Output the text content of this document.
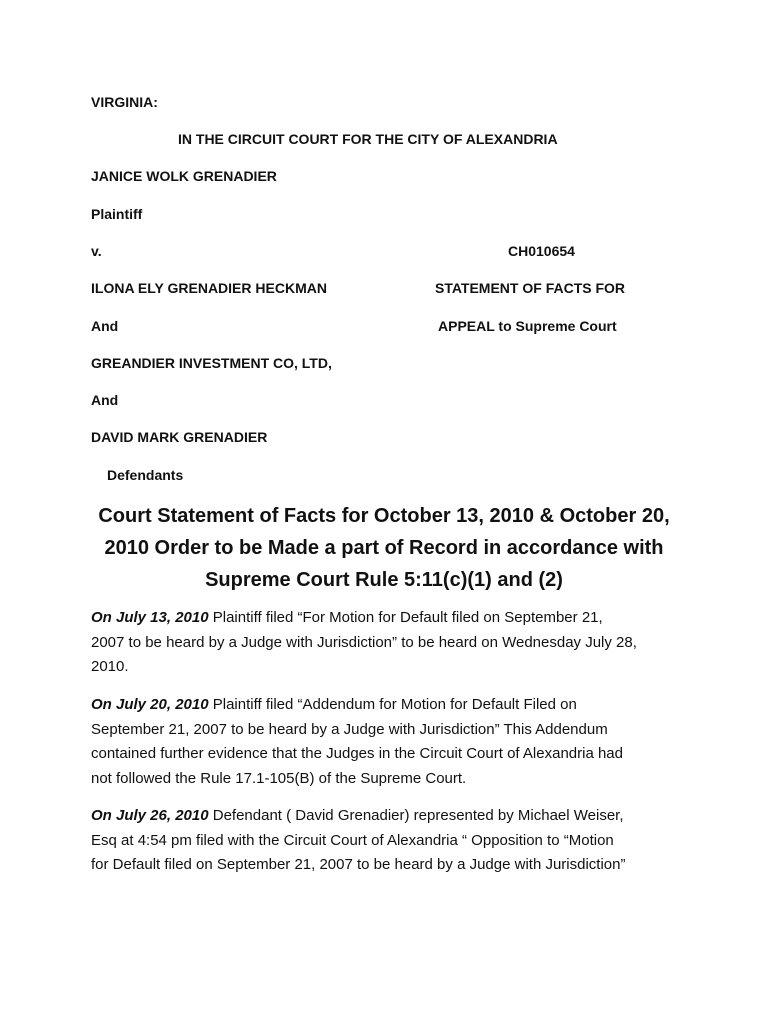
VIRGINIA:
IN THE CIRCUIT COURT FOR THE CITY OF ALEXANDRIA
JANICE WOLK GRENADIER
Plaintiff
v.	CH010654
ILONA ELY GRENADIER HECKMAN	STATEMENT OF FACTS FOR
And	APPEAL to Supreme Court
GREANDIER INVESTMENT CO, LTD,
And
DAVID MARK GRENADIER
Defendants
Court Statement of Facts for October 13, 2010 & October 20,
2010 Order to be Made a part of Record in accordance with
Supreme Court Rule 5:11(c)(1) and (2)
On July 13, 2010 Plaintiff filed “For Motion for Default filed on September 21,
2007 to be heard by a Judge with Jurisdiction” to be heard on Wednesday July 28,
2010.
On July 20, 2010 Plaintiff filed “Addendum for Motion for Default Filed on
September 21, 2007 to be heard by a Judge with Jurisdiction” This Addendum
contained further evidence that the Judges in the Circuit Court of Alexandria had
not followed the Rule 17.1-105(B) of the Supreme Court.
On July 26, 2010 Defendant ( David Grenadier) represented by Michael Weiser,
Esq at 4:54 pm filed with the Circuit Court of Alexandria “ Opposition to “Motion
for Default filed on September 21, 2007 to be heard by a Judge with Jurisdiction”
